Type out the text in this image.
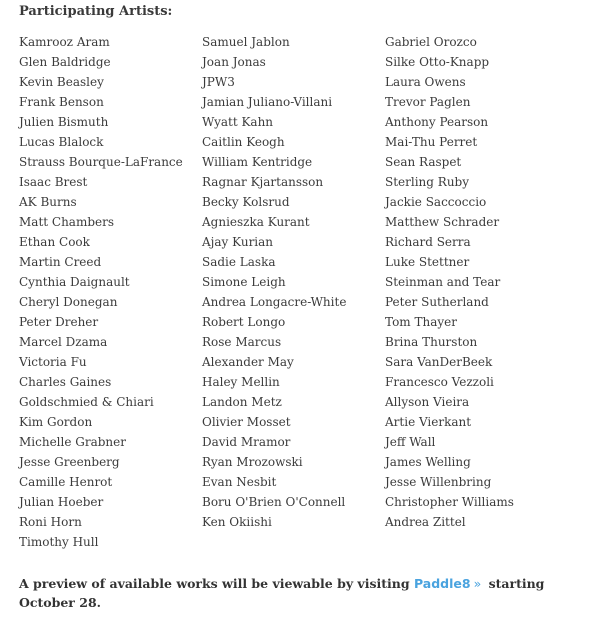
Participating Artists:
Kamrooz Aram
Glen Baldridge
Kevin Beasley
Frank Benson
Julien Bismuth
Lucas Blalock
Strauss Bourque-LaFrance
Isaac Brest
AK Burns
Matt Chambers
Ethan Cook
Martin Creed
Cynthia Daignault
Cheryl Donegan
Peter Dreher
Marcel Dzama
Victoria Fu
Charles Gaines
Goldschmied & Chiari
Kim Gordon
Michelle Grabner
Jesse Greenberg
Camille Henrot
Julian Hoeber
Roni Horn
Timothy Hull
Samuel Jablon
Joan Jonas
JPW3
Jamian Juliano-Villani
Wyatt Kahn
Caitlin Keogh
William Kentridge
Ragnar Kjartansson
Becky Kolsrud
Agnieszka Kurant
Ajay Kurian
Sadie Laska
Simone Leigh
Andrea Longacre-White
Robert Longo
Rose Marcus
Alexander May
Haley Mellin
Landon Metz
Olivier Mosset
David Mramor
Ryan Mrozowski
Evan Nesbit
Boru O'Brien O'Connell
Ken Okiishi
Gabriel Orozco
Silke Otto-Knapp
Laura Owens
Trevor Paglen
Anthony Pearson
Mai-Thu Perret
Sean Raspet
Sterling Ruby
Jackie Saccoccio
Matthew Schrader
Richard Serra
Luke Stettner
Steinman and Tear
Peter Sutherland
Tom Thayer
Brina Thurston
Sara VanDerBeek
Francesco Vezzoli
Allyson Vieira
Artie Vierkant
Jeff Wall
James Welling
Jesse Willenbring
Christopher Williams
Andrea Zittel

A preview of available works will be viewable by visiting Paddle8 » starting October 28.
